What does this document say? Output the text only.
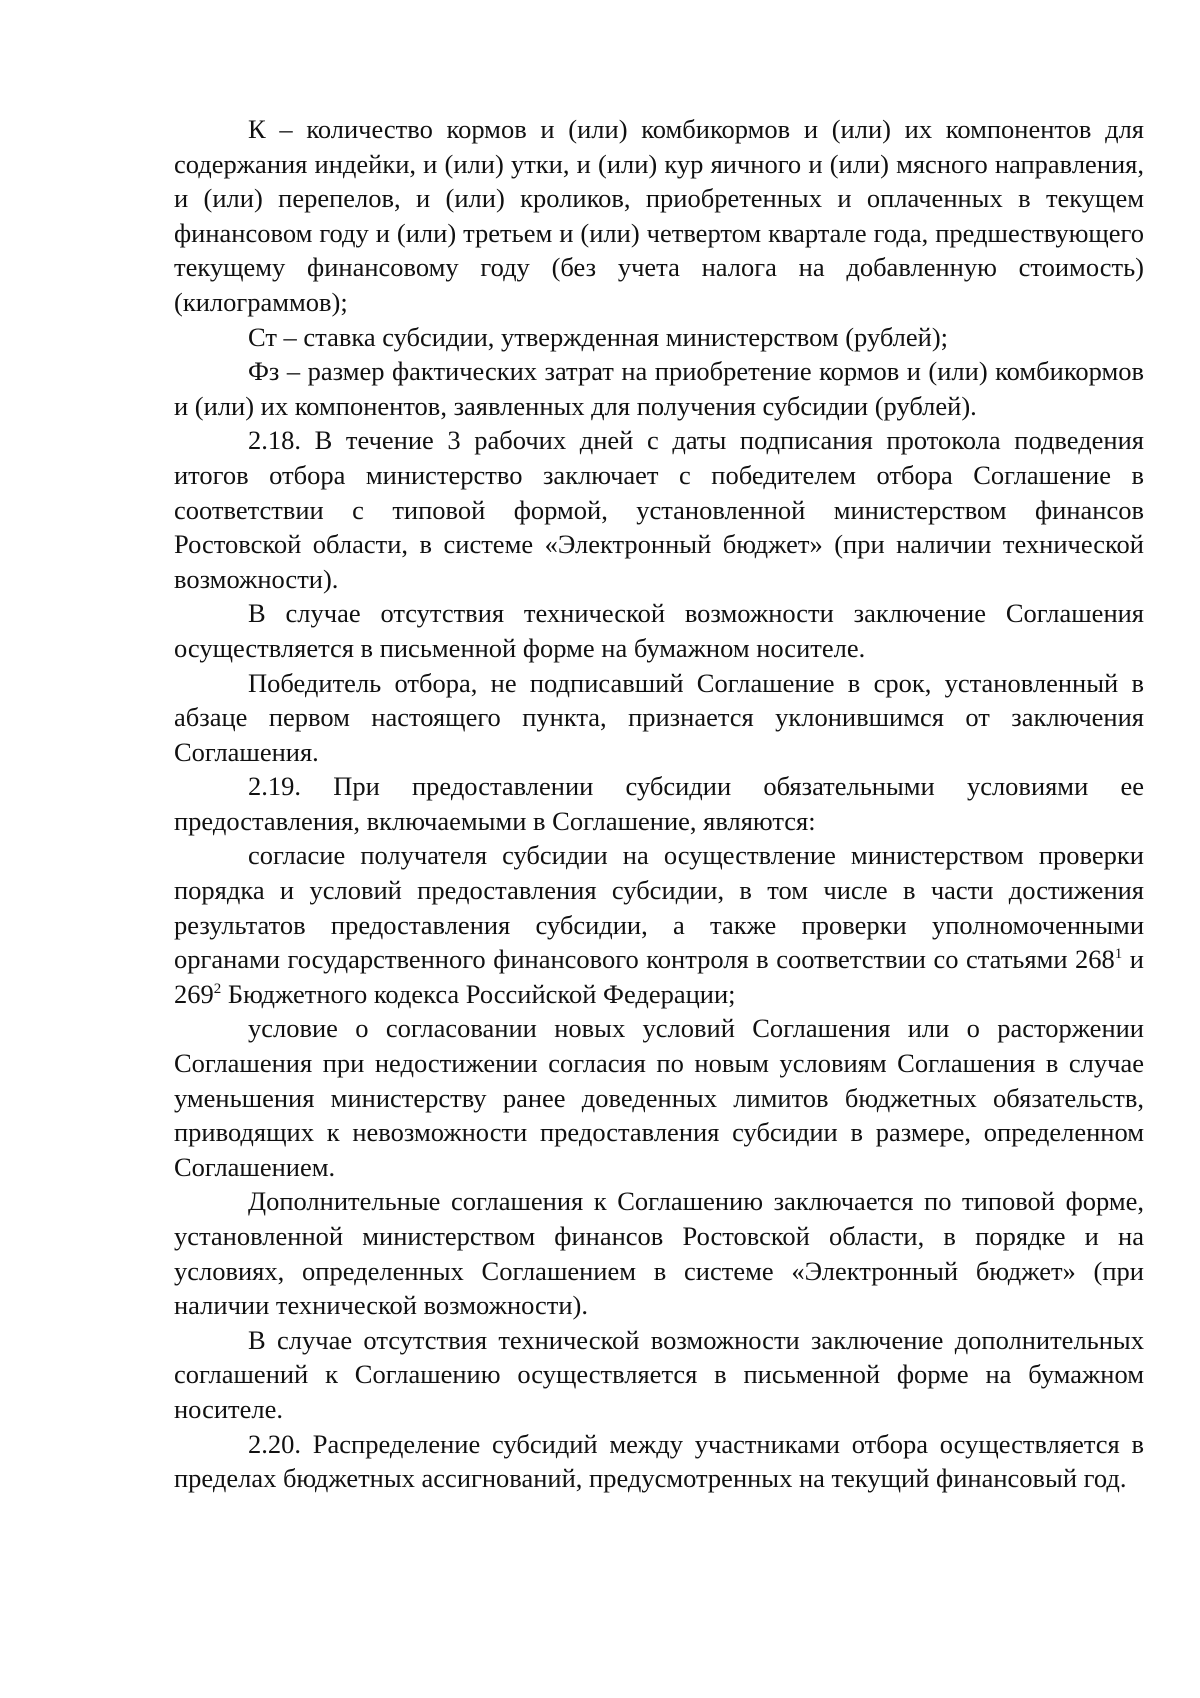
К – количество кормов и (или) комбикормов и (или) их компонентов для содержания индейки, и (или) утки, и (или) кур яичного и (или) мясного направления, и (или) перепелов, и (или) кроликов, приобретенных и оплаченных в текущем финансовом году и (или) третьем и (или) четвертом квартале года, предшествующего текущему финансовому году (без учета налога на добавленную стоимость) (килограммов);

Ст – ставка субсидии, утвержденная министерством (рублей);

Фз – размер фактических затрат на приобретение кормов и (или) комбикормов и (или) их компонентов, заявленных для получения субсидии (рублей).

2.18. В течение 3 рабочих дней с даты подписания протокола подведения итогов отбора министерство заключает с победителем отбора Соглашение в соответствии с типовой формой, установленной министерством финансов Ростовской области, в системе «Электронный бюджет» (при наличии технической возможности).

В случае отсутствия технической возможности заключение Соглашения осуществляется в письменной форме на бумажном носителе.

Победитель отбора, не подписавший Соглашение в срок, установленный в абзаце первом настоящего пункта, признается уклонившимся от заключения Соглашения.

2.19. При предоставлении субсидии обязательными условиями ее предоставления, включаемыми в Соглашение, являются:

согласие получателя субсидии на осуществление министерством проверки порядка и условий предоставления субсидии, в том числе в части достижения результатов предоставления субсидии, а также проверки уполномоченными органами государственного финансового контроля в соответствии со статьями $268^1$ и $269^2$ Бюджетного кодекса Российской Федерации;

условие о согласовании новых условий Соглашения или о расторжении Соглашения при недостижении согласия по новым условиям Соглашения в случае уменьшения министерству ранее доведенных лимитов бюджетных обязательств, приводящих к невозможности предоставления субсидии в размере, определенном Соглашением.

Дополнительные соглашения к Соглашению заключается по типовой форме, установленной министерством финансов Ростовской области, в порядке и на условиях, определенных Соглашением в системе «Электронный бюджет» (при наличии технической возможности).

В случае отсутствия технической возможности заключение дополнительных соглашений к Соглашению осуществляется в письменной форме на бумажном носителе.

2.20. Распределение субсидий между участниками отбора осуществляется в пределах бюджетных ассигнований, предусмотренных на текущий финансовый год.
